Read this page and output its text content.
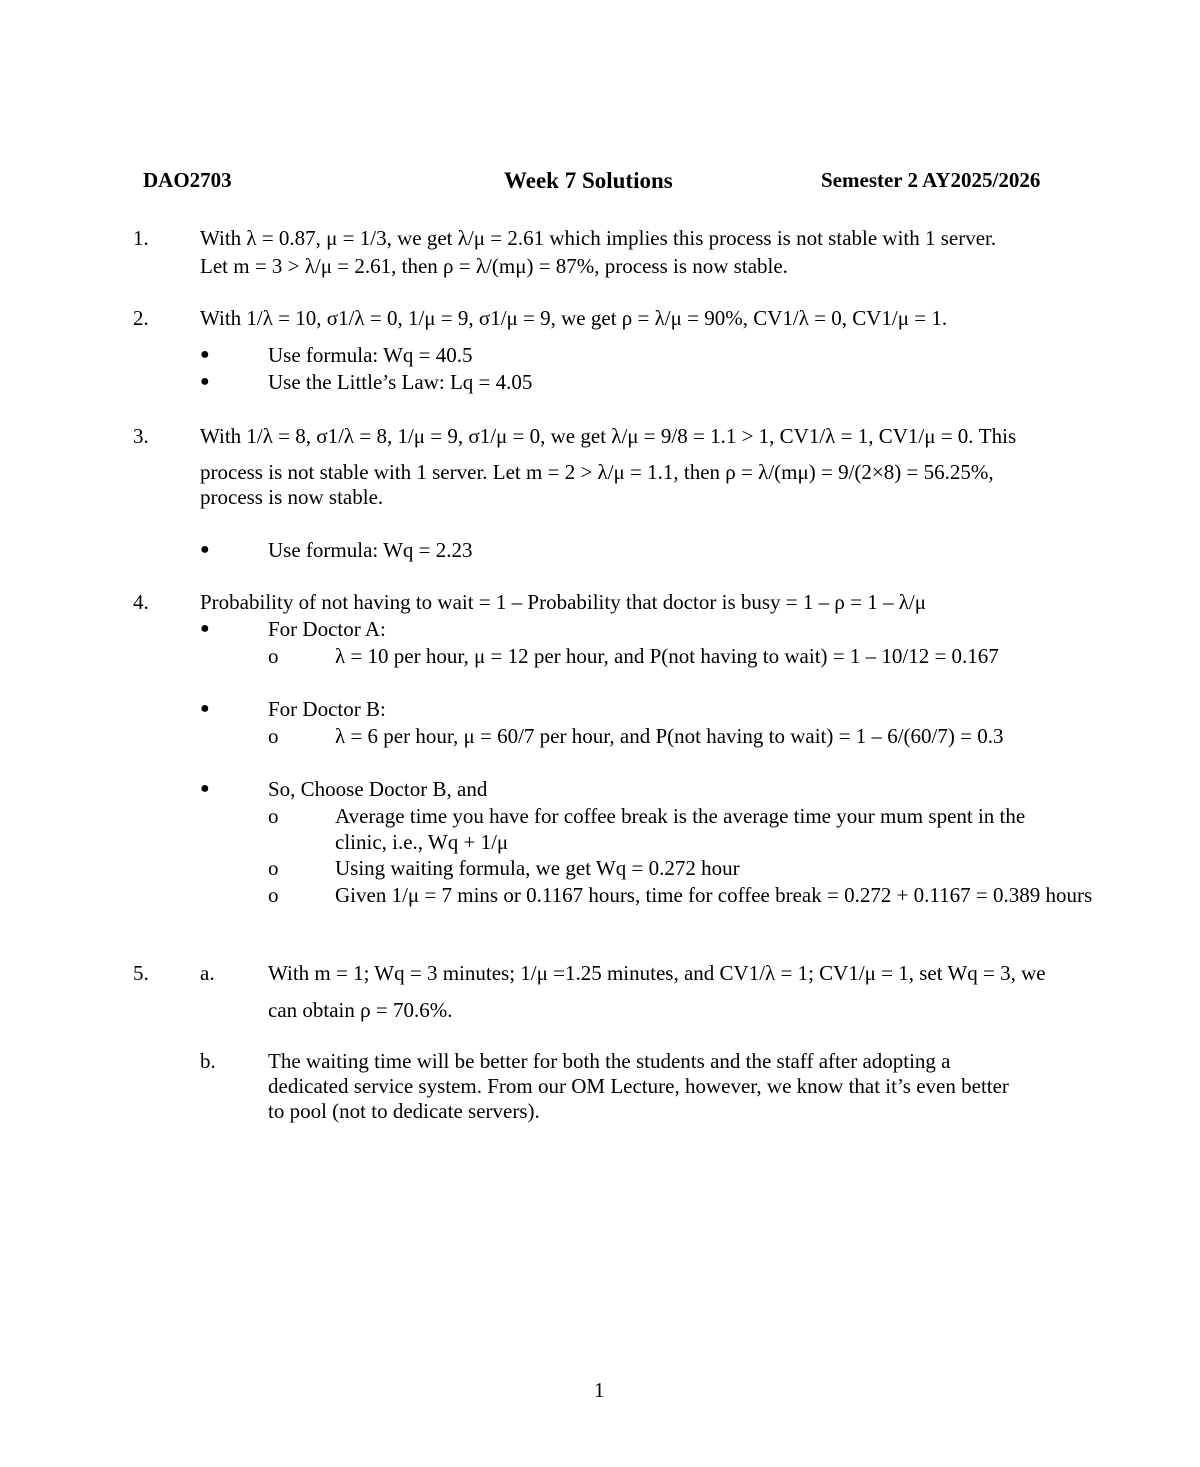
DAO2703	Week 7 Solutions	Semester 2 AY2025/2026
1. With λ = 0.87, μ = 1/3, we get λ/μ = 2.61 which implies this process is not stable with 1 server.
Let m = 3 > λ/μ = 2.61, then ρ = λ/(mμ) = 87%, process is now stable.
2. With 1/λ = 10, σ1/λ = 0, 1/μ = 9, σ1/μ = 9, we get ρ = λ/μ = 90%, CV1/λ = 0, CV1/μ = 1.
●	Use formula: Wq = 40.5
●	Use the Little’s Law: Lq = 4.05
3. With 1/λ = 8, σ1/λ = 8, 1/μ = 9, σ1/μ = 0, we get λ/μ = 9/8 = 1.1 > 1, CV1/λ = 1, CV1/μ = 0. This
process is not stable with 1 server. Let m = 2 > λ/μ = 1.1, then ρ = λ/(mμ) = 9/(2×8) = 56.25%,
process is now stable.
●	Use formula: Wq = 2.23
4. Probability of not having to wait = 1 – Probability that doctor is busy = 1 – ρ = 1 – λ/μ
●	For Doctor A:
o	λ = 10 per hour, μ = 12 per hour, and P(not having to wait) = 1 – 10/12 = 0.167
●	For Doctor B:
o	λ = 6 per hour, μ = 60/7 per hour, and P(not having to wait) = 1 – 6/(60/7) = 0.3
●	So, Choose Doctor B, and
o	Average time you have for coffee break is the average time your mum spent in the
clinic, i.e., Wq + 1/μ
o	Using waiting formula, we get Wq = 0.272 hour
o	Given 1/μ = 7 mins or 0.1167 hours, time for coffee break = 0.272 + 0.1167 = 0.389 hours
5. a.	With m = 1; Wq = 3 minutes; 1/μ =1.25 minutes, and CV1/λ = 1; CV1/μ = 1, set Wq = 3, we
can obtain ρ = 70.6%.
b. The waiting time will be better for both the students and the staff after adopting a
dedicated service system. From our OM Lecture, however, we know that it’s even better
to pool (not to dedicate servers).
1
